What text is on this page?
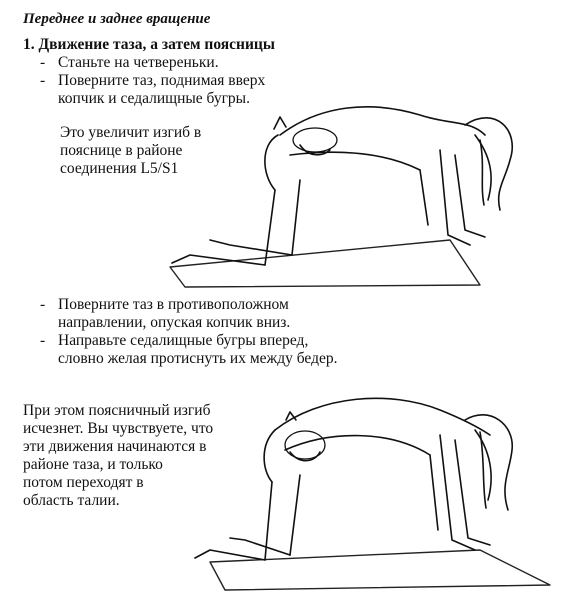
Переднее и заднее вращение
1. Движение таза, а затем поясницы
- Станьте на четвереньки.
- Поверните таз, поднимая вверх
копчик и седалищные бугры.
Это увеличит изгиб в
пояснице в районе
соединения L5/S1
- Поверните таз в противоположном
направлении, опуская копчик вниз.
- Направьте седалищные бугры вперед,
словно желая протиснуть их между бедер.
При этом поясничный изгиб
исчезнет. Вы чувствуете, что
эти движения начинаются в
районе таза, и только
потом переходят в
область талии.
